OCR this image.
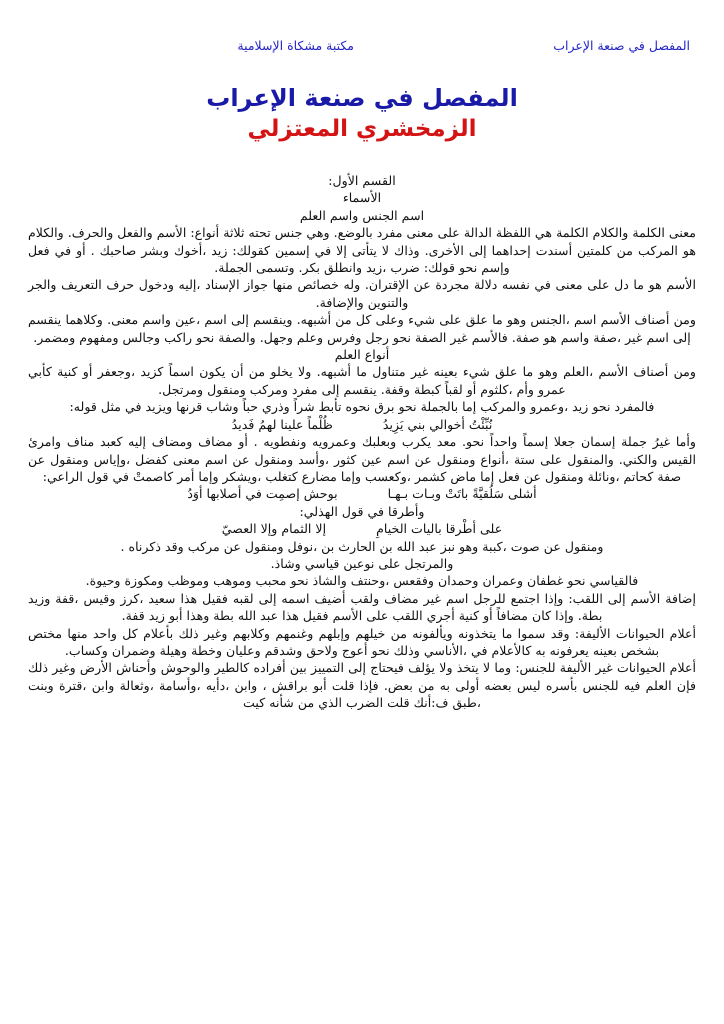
المفصل في صنعة الإعراب
مكتبة مشكاة الإسلامية
المفصل في صنعة الإعراب
الزمخشري المعتزلي

القسم الأول:

الأسماء

اسم الجنس واسم العلم

معنى الكلمة والكلام الكلمة هي اللفظة الدالة على معنى مفرد بالوضع. وهي جنس تحته ثلاثة أنواع: الأسم والفعل والحرف. والكلام هو المركب من كلمتين أسندت إحداهما إلى الأخرى. وذاك لا يتأتى إلا في إسمين كقولك: زيد ،أخوك وبشر صاحبك . أو في فعل وإسم نحو قولك: ضرب ،زيد وانطلق بكر. وتسمى الجملة.

الأسم هو ما دل على معنى في نفسه دلالة مجردة عن الإقتران. وله خصائص منها جواز الإسناد ،إليه ودخول حرف التعريف والجر والتنوين والإضافة.

ومن أصناف الأسم اسم ،الجنس وهو ما علق على شيء وعلى كل من أشبهه. وينقسم إلى اسم ،عين واسم معنى. وكلاهما ينقسم إلى اسم غير ،صفة واسم هو صفة. فالأسم غير الصفة نحو رجل وفرس وعلم وجهل. والصفة نحو راكب وجالس ومفهوم ومضمر.

أنواع العلم

ومن أصناف الأسم ،العلم وهو ما علق شيء بعينه غير متناول ما أشبهه. ولا يخلو من أن يكون اسماً كزيد ،وجعفر أو كنية كأبي عمرو وأم ،كلثوم أو لقباً كبطة وقفة. ينقسم إلى مفرد ومركب ومنقول ومرتجل.

فالمفرد نحو زيد ،وعمرو والمركب إما بالجملة نحو برق نحوه تأبط شراً وذري حباً وشاب قرنها ويزيد في مثل قوله:

نُبِّئْتُ أخوالي بني يَزِيدُ
ظُلْماً علينا لهمُ فَديدُ

وأما غيرُ جملة إسمان جعلا إسماً واحداً نحو. معد يكرب وبعلبك وعمرويه ونفطويه . أو مضاف ومضاف إليه كعبد مناف وامرئ القيس والكني. والمنقول على ستة ،أنواع ومنقول عن اسم عين كثور ،وأسد ومنقول عن اسم معنى كفضل ،وإياس ومنقول عن صفة كحاتم ،ونائلة ومنقول عن فعل إما ماض كشمر ،وكعسب وإما مضارع كتغلب ،ويشكر وإما أمر كاصمتْ في قول الراعي:

أشلى سَلُقيَّةً باتَتْ وبـات بـهـا
بوحش إصمِت في أصلابها أوَدُ

وأطرقا في قول الهذلي:

على أطْرقا باليات الخيامِ
إلا الثمام وإلا العصيّ

ومنقول عن صوت ،كببة وهو نبز عبد الله بن الحارث بن ،نوفل ومنقول عن مركب وقد ذكرناه .

والمرتجل على نوعين قياسي وشاذ.

فالقياسي نحو غطفان وعمران وحمدان وفقعس ،وحنتف والشاذ نحو محبب وموهب وموظب ومكوزة وحيوة.

إضافة الأسم إلى اللقب: وإذا اجتمع للرجل اسم غير مضاف ولقب أضيف اسمه إلى لقبه فقيل هذا سعيد ،كرز وقيس ،قفة وزيد بطة. وإذا كان مضافاً أو كنية أجري اللقب على الأسم فقيل هذا عبد الله بطة وهذا أبو زيد قفة.

أعلام الحيوانات الأليفة: وقد سموا ما يتخذونه ويألفونه من خيلهم وإبلهم وغنمهم وكلابهم وغير ذلك بأعلام كل واحد منها مختص بشخص بعينه يعرفونه به كالأعلام في ،الأناسي وذلك نحو أعوج ولاحق وشدقم وعليان وخطة وهيلة وضمران وكساب.

أعلام الحيوانات غير الأليفة للجنس: وما لا يتخذ ولا يؤلف فيحتاج إلى التمييز بين أفراده كالطير والوحوش وأحناش الأرض وغير ذلك فإن العلم فيه للجنس بأسره ليس بعضه أولى به من بعض. فإذا قلت أبو براقش ، وابن ،دأيه ،وأسامة ،وثعالة وابن ،قترة وبنت ،طبق ف:أنك قلت الضرب الذي من شأنه كيت
